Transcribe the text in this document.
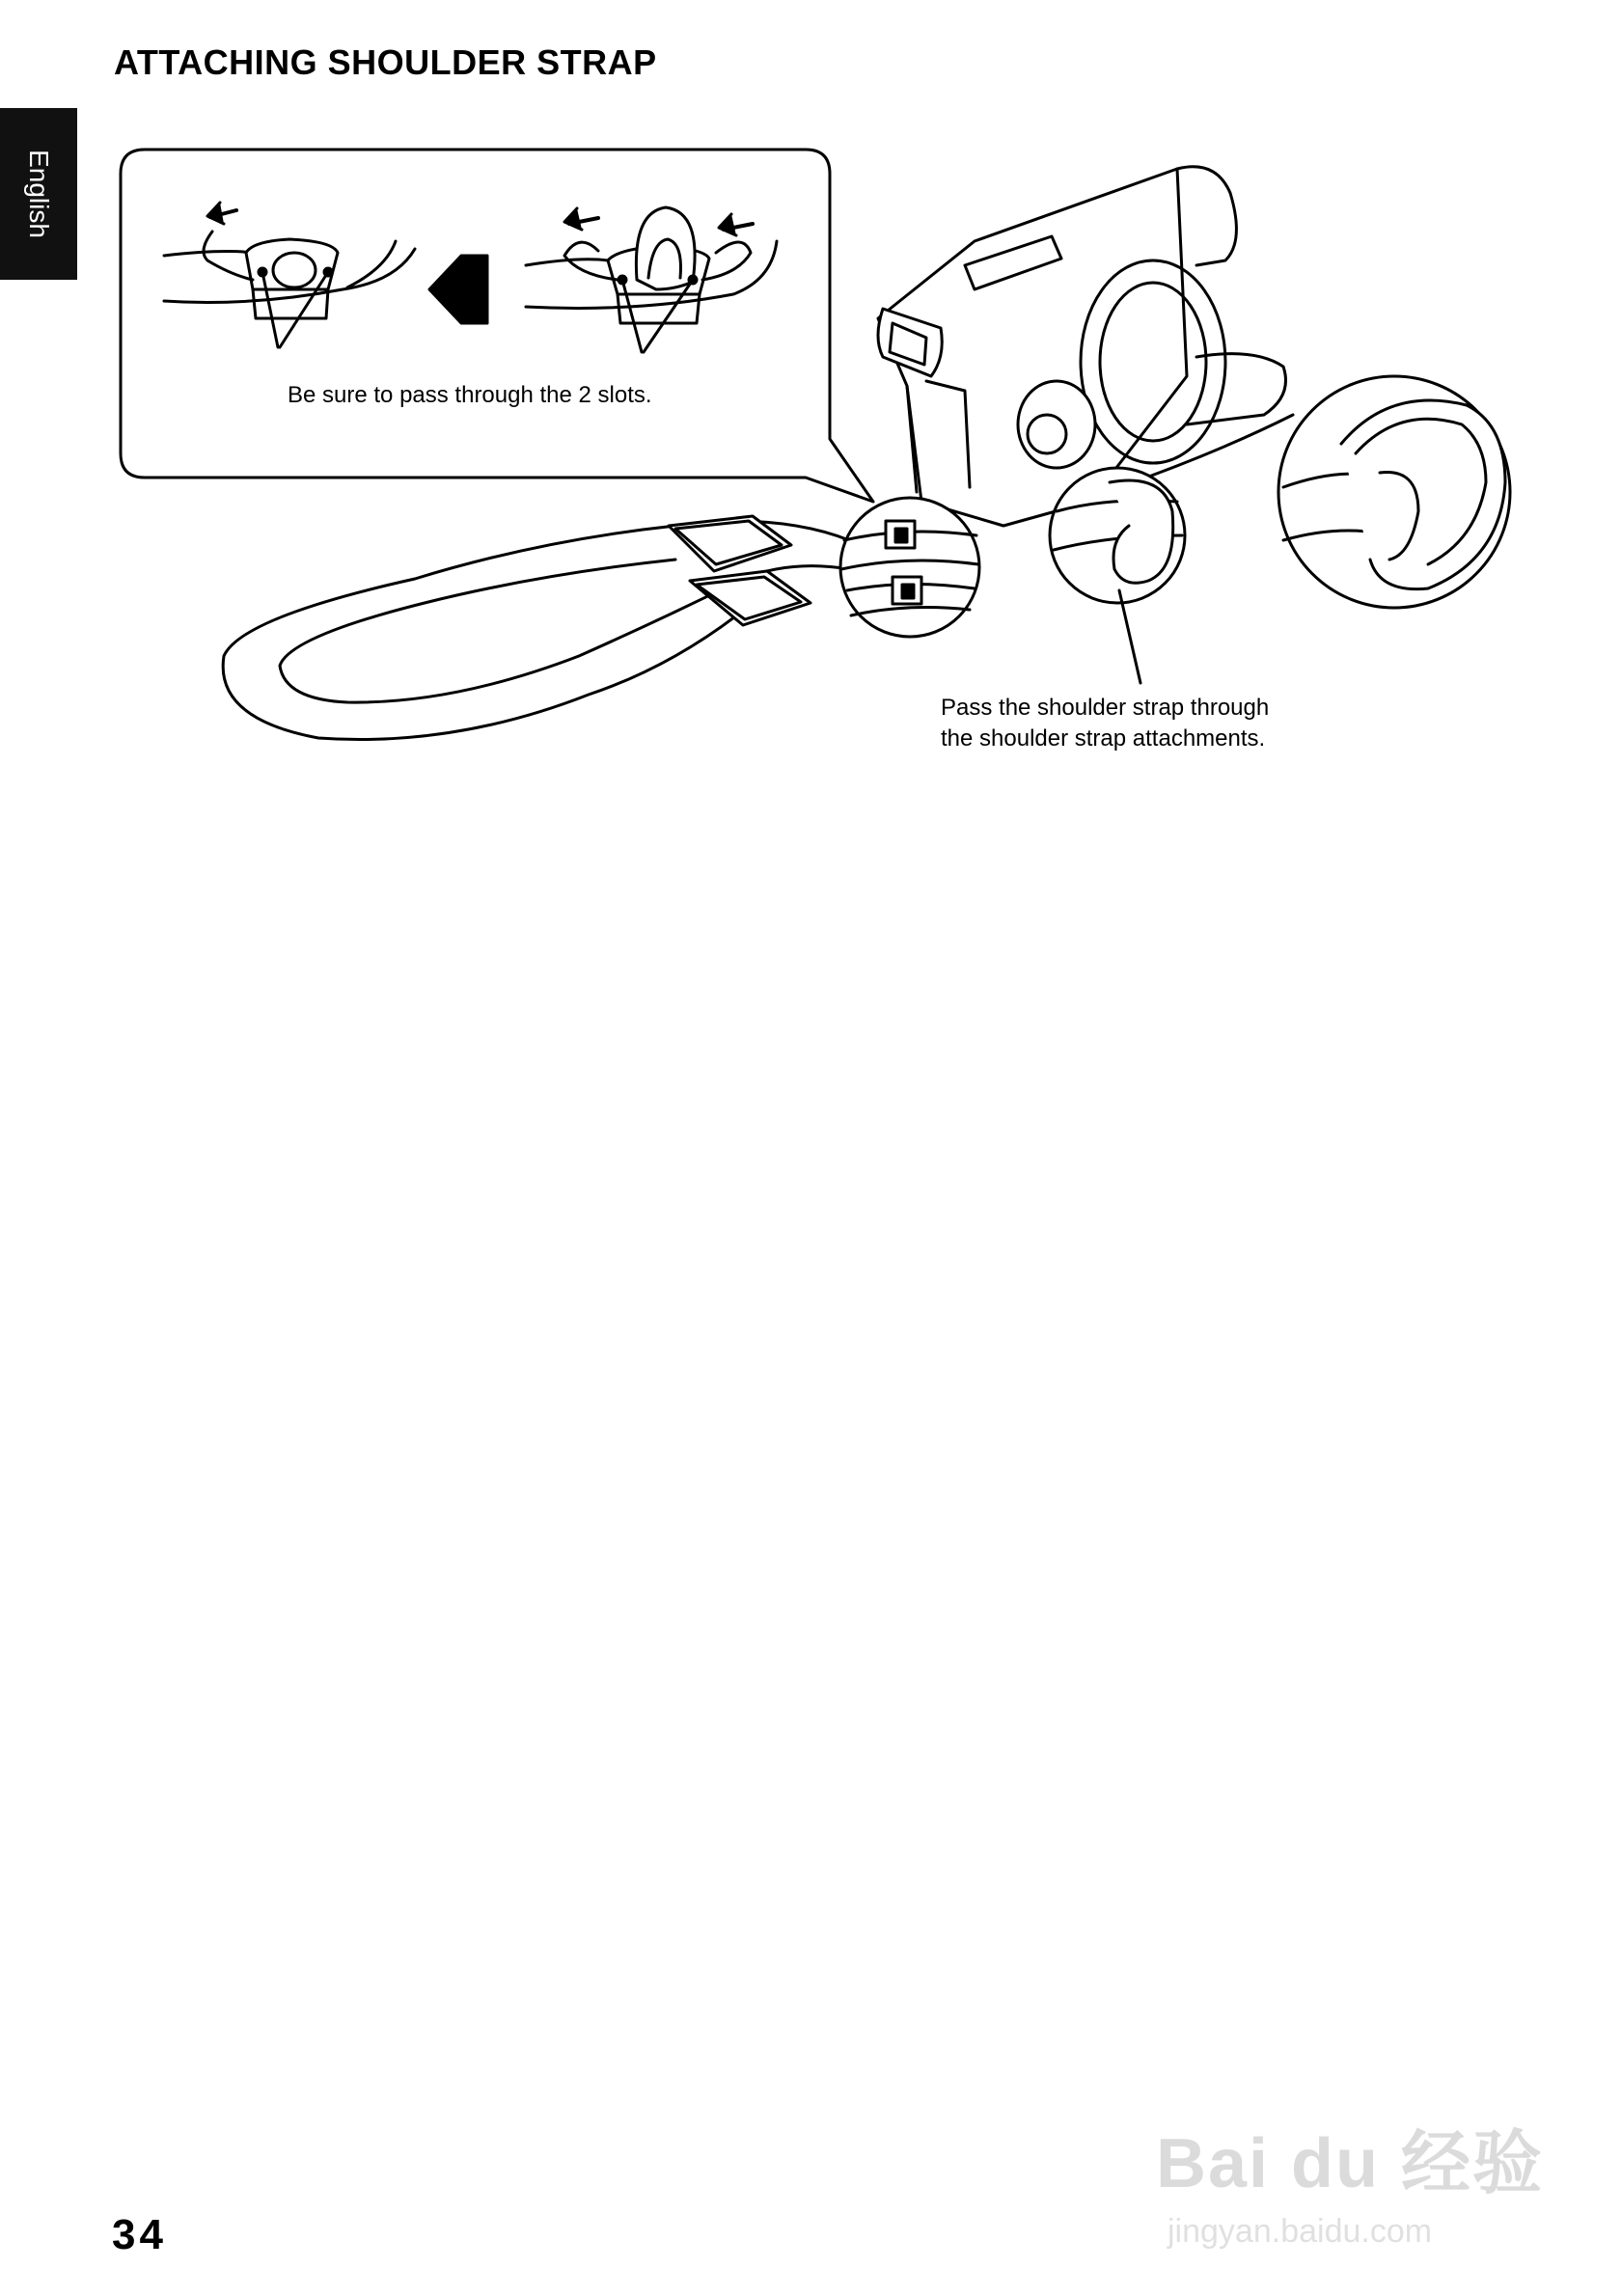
ATTACHING SHOULDER STRAP
English
Be sure to pass through the 2 slots.
Pass the shoulder strap through
the shoulder strap attachments.
Bai du 经验
jingyan.baidu.com
34
